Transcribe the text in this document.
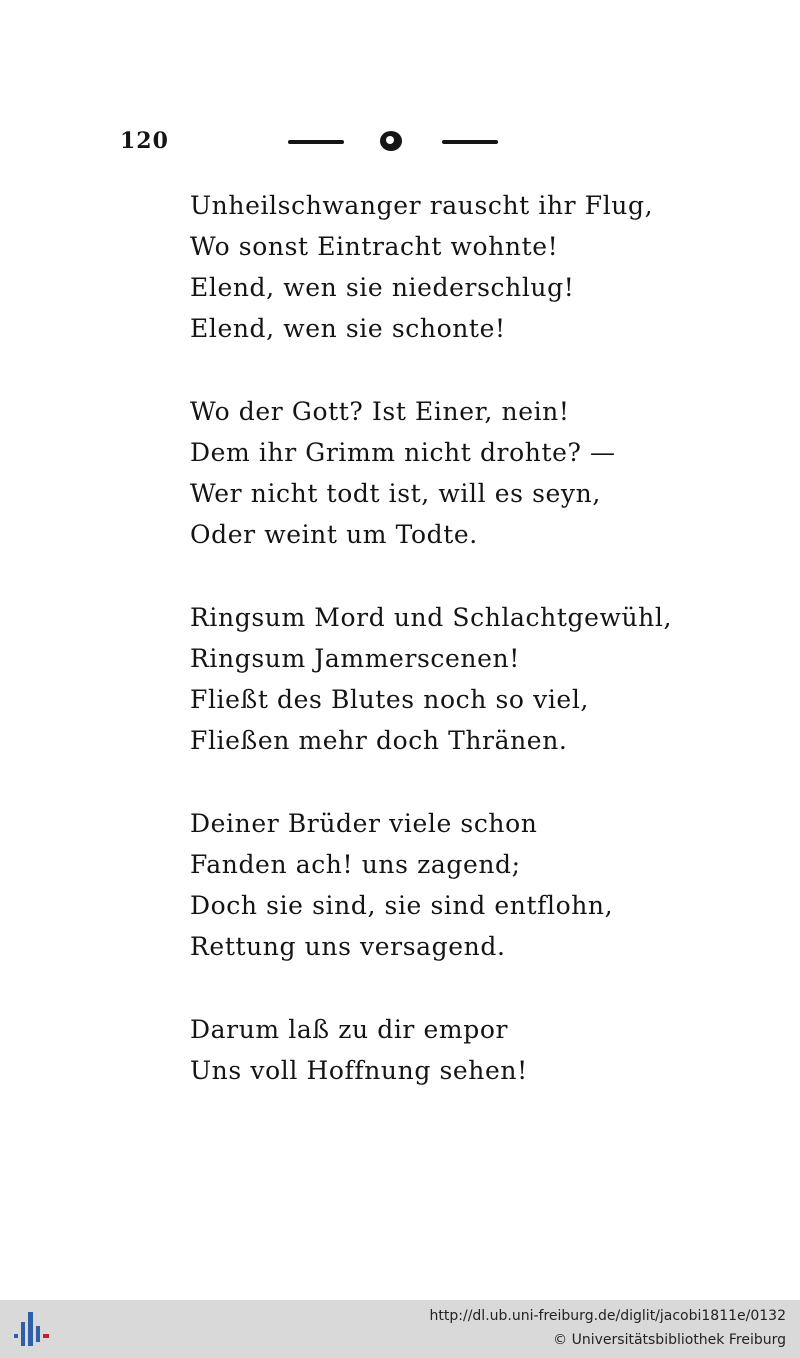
120
Unheilschwanger rauscht ihr Flug,
Wo sonst Eintracht wohnte!
Elend, wen sie niederschlug!
Elend, wen sie schonte!
Wo der Gott? Ist Einer, nein!
Dem ihr Grimm nicht drohte? —
Wer nicht todt ist, will es seyn,
Oder weint um Todte.
Ringsum Mord und Schlachtgewühl,
Ringsum Jammerscenen!
Fließt des Blutes noch so viel,
Fließen mehr doch Thränen.
Deiner Brüder viele schon
Fanden ach! uns zagend;
Doch sie sind, sie sind entflohn,
Rettung uns versagend.
Darum laß zu dir empor
Uns voll Hoffnung sehen!
http://dl.ub.uni-freiburg.de/diglit/jacobi1811e/0132
© Universitätsbibliothek Freiburg
